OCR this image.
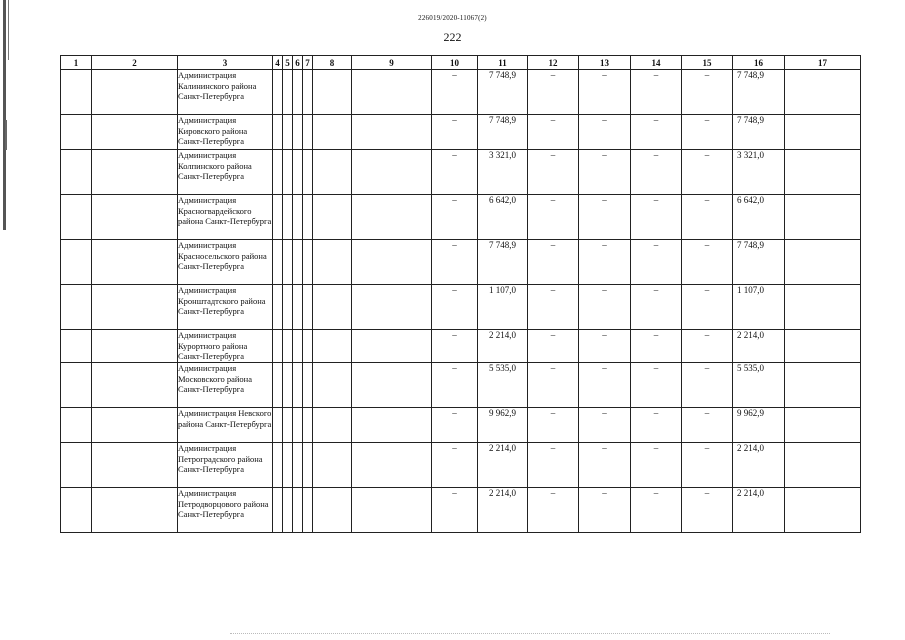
226019/2020-11067(2)
222
1	2	3	4	5	6	7	8	9	10	11	12	13	14	15	16	17
		Администрация Калининского района Санкт-Петербурга							–	7 748,9	–	–	–	–	7 748,9	
		Администрация Кировского района Санкт-Петербурга							–	7 748,9	–	–	–	–	7 748,9	
		Администрация Колпинского района Санкт-Петербурга							–	3 321,0	–	–	–	–	3 321,0	
		Администрация Красногвардейского района Санкт-Петербурга							–	6 642,0	–	–	–	–	6 642,0	
		Администрация Красносельского района Санкт-Петербурга							–	7 748,9	–	–	–	–	7 748,9	
		Администрация Кронштадтского района Санкт-Петербурга							–	1 107,0	–	–	–	–	1 107,0	
		Администрация Курортного района Санкт-Петербурга							–	2 214,0	–	–	–	–	2 214,0	
		Администрация Московского района Санкт-Петербурга							–	5 535,0	–	–	–	–	5 535,0	
		Администрация Невского района Санкт-Петербурга							–	9 962,9	–	–	–	–	9 962,9	
		Администрация Петроградского района Санкт-Петербурга							–	2 214,0	–	–	–	–	2 214,0	
		Администрация Петродворцового района Санкт-Петербурга							–	2 214,0	–	–	–	–	2 214,0	
